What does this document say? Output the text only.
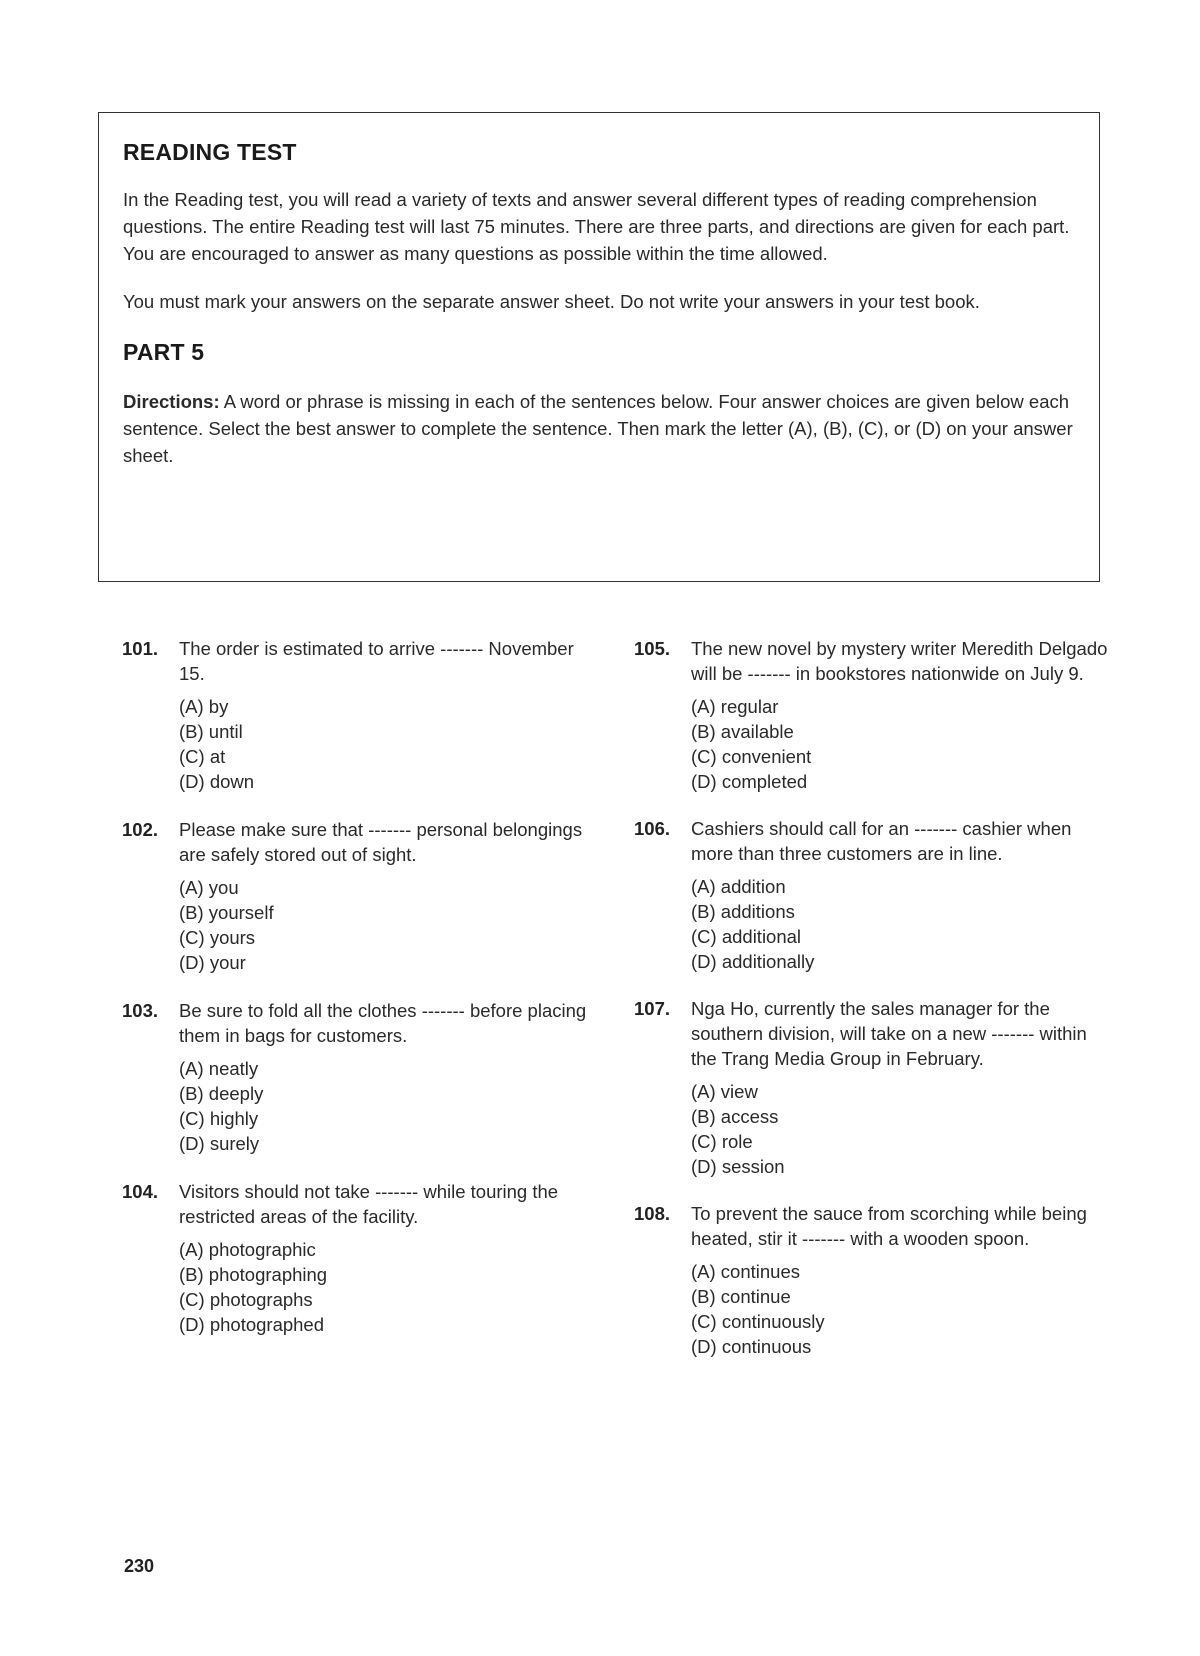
READING TEST

In the Reading test, you will read a variety of texts and answer several different types of reading comprehension questions. The entire Reading test will last 75 minutes. There are three parts, and directions are given for each part. You are encouraged to answer as many questions as possible within the time allowed.

You must mark your answers on the separate answer sheet. Do not write your answers in your test book.

PART 5

Directions: A word or phrase is missing in each of the sentences below. Four answer choices are given below each sentence. Select the best answer to complete the sentence. Then mark the letter (A), (B), (C), or (D) on your answer sheet.

101. The order is estimated to arrive ------- November 15.

(A) by
(B) until
(C) at
(D) down
102. Please make sure that ------- personal belongings are safely stored out of sight.

(A) you
(B) yourself
(C) yours
(D) your
103. Be sure to fold all the clothes ------- before placing them in bags for customers.

(A) neatly
(B) deeply
(C) highly
(D) surely
104. Visitors should not take ------- while touring the restricted areas of the facility.

(A) photographic
(B) photographing
(C) photographs
(D) photographed
105. The new novel by mystery writer Meredith Delgado will be ------- in bookstores nationwide on July 9.

(A) regular
(B) available
(C) convenient
(D) completed
106. Cashiers should call for an ------- cashier when more than three customers are in line.

(A) addition
(B) additions
(C) additional
(D) additionally
107. Nga Ho, currently the sales manager for the southern division, will take on a new ------- within the Trang Media Group in February.

(A) view
(B) access
(C) role
(D) session
108. To prevent the sauce from scorching while being heated, stir it ------- with a wooden spoon.

(A) continues
(B) continue
(C) continuously
(D) continuous
230
